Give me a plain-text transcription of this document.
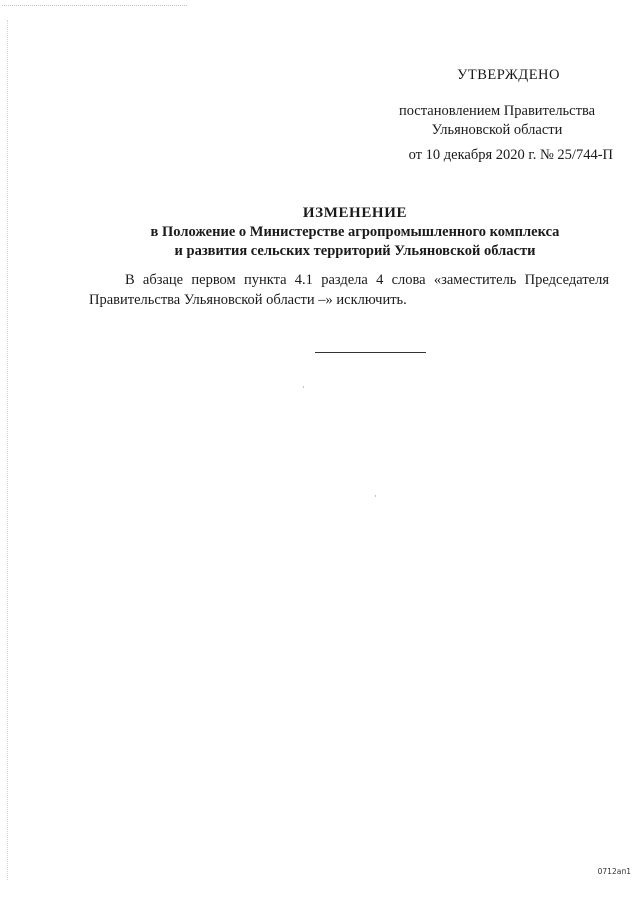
УТВЕРЖДЕНО
постановлением Правительства
Ульяновской области
от 10 декабря 2020 г. № 25/744-П
ИЗМЕНЕНИЕ
в Положение о Министерстве агропромышленного комплекса
и развития сельских территорий Ульяновской области

В абзаце первом пункта 4.1 раздела 4 слова «заместитель Председателя Правительства Ульяновской области –» исключить.

·
·
0712ап1
